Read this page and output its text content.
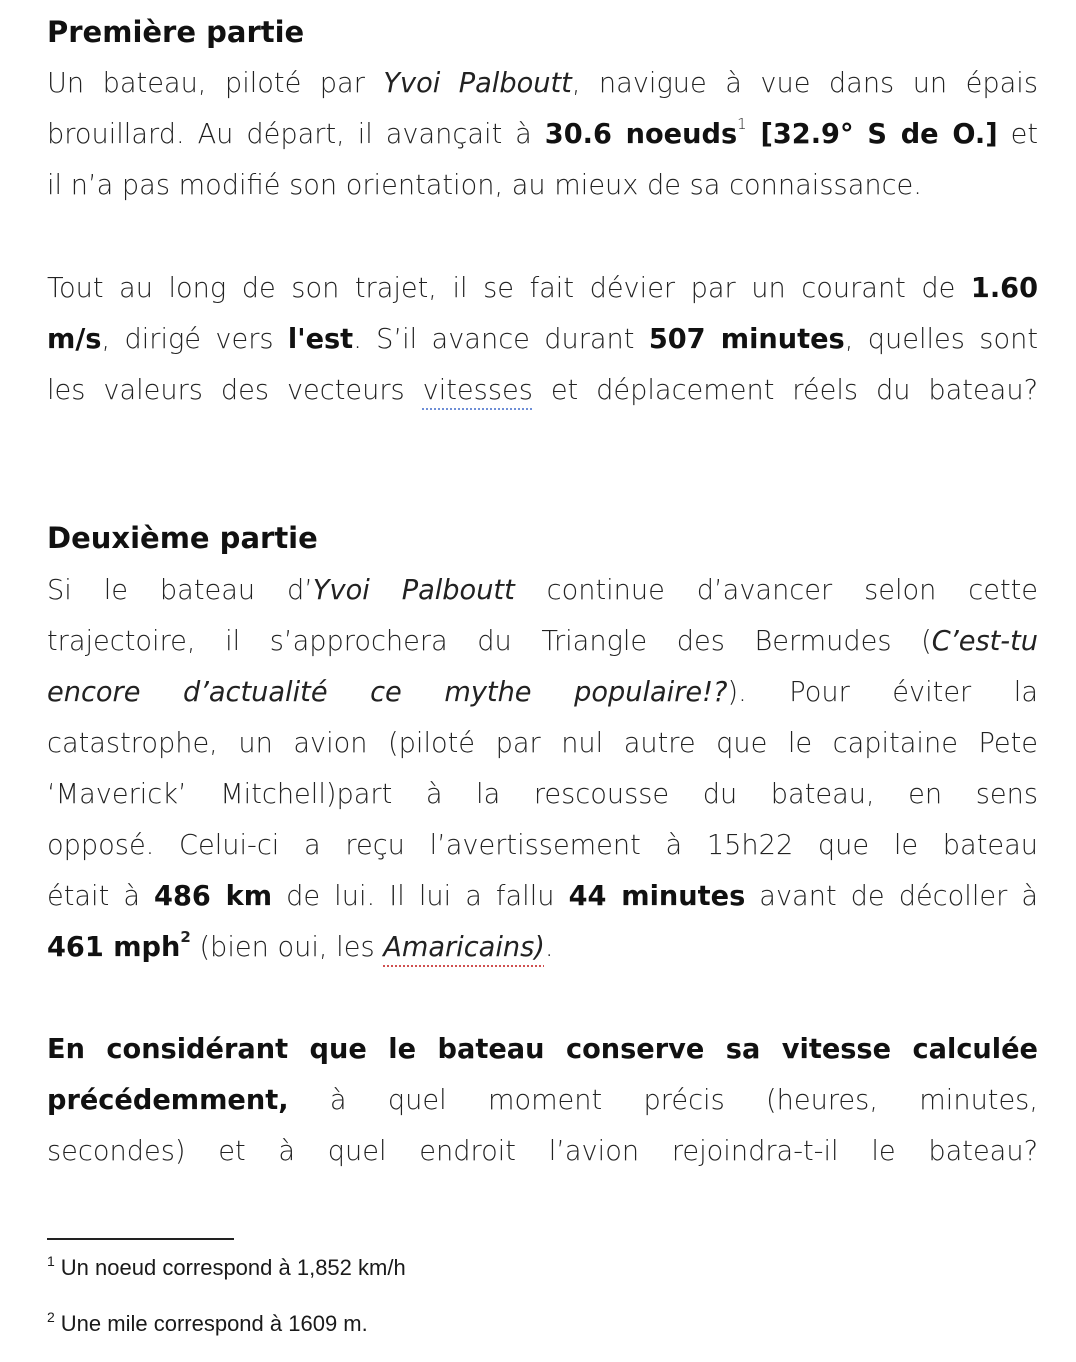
Première partie
Un bateau, piloté par Yvoi Palboutt, navigue à vue dans un épais
brouillard. Au départ, il avançait à 30.6 noeuds$^1$ [32.9° S de O.] et
il n’a pas modifié son orientation, au mieux de sa connaissance.
Tout au long de son trajet, il se fait dévier par un courant de 1.60
m/s, dirigé vers l'est. S’il avance durant 507 minutes, quelles sont
les valeurs des vecteurs vitesses et déplacement réels du bateau?
Deuxième partie
Si le bateau d’Yvoi Palboutt continue d’avancer selon cette
trajectoire, il s’approchera du Triangle des Bermudes (C’est-tu
encore d’actualité ce mythe populaire!?). Pour éviter la
catastrophe, un avion (piloté par nul autre que le capitaine Pete
‘Maverick’ Mitchell)part à la rescousse du bateau, en sens
opposé. Celui-ci a reçu l’avertissement à 15h22 que le bateau
était à 486 km de lui. Il lui a fallu 44 minutes avant de décoller à
461 mph$^2$ (bien oui, les Amaricains).
En considérant que le bateau conserve sa vitesse calculée
précédemment, à quel moment précis (heures, minutes,
secondes) et à quel endroit l’avion rejoindra-t-il le bateau?
$^1$ Un noeud correspond à 1,852 km/h
$^2$ Une mile correspond à 1609 m.
